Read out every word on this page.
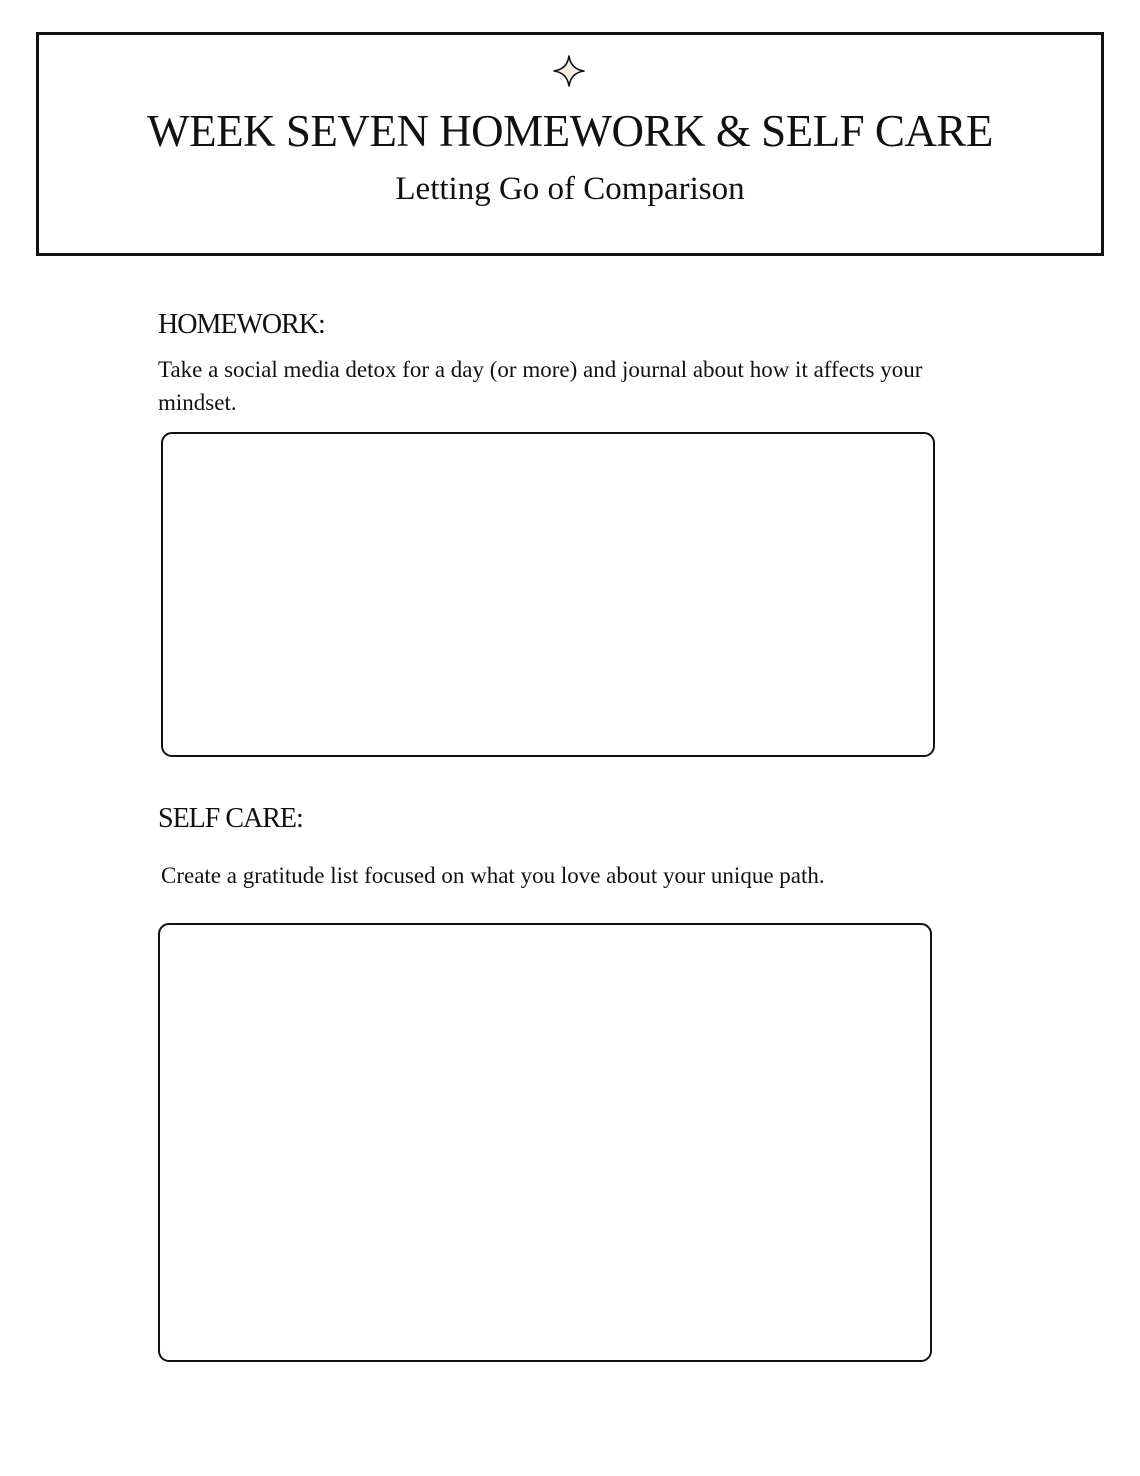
WEEK SEVEN HOMEWORK & SELF CARE

Letting Go of Comparison

HOMEWORK:

Take a social media detox for a day (or more) and journal about how it affects your mindset.

SELF CARE:

Create a gratitude list focused on what you love about your unique path.
